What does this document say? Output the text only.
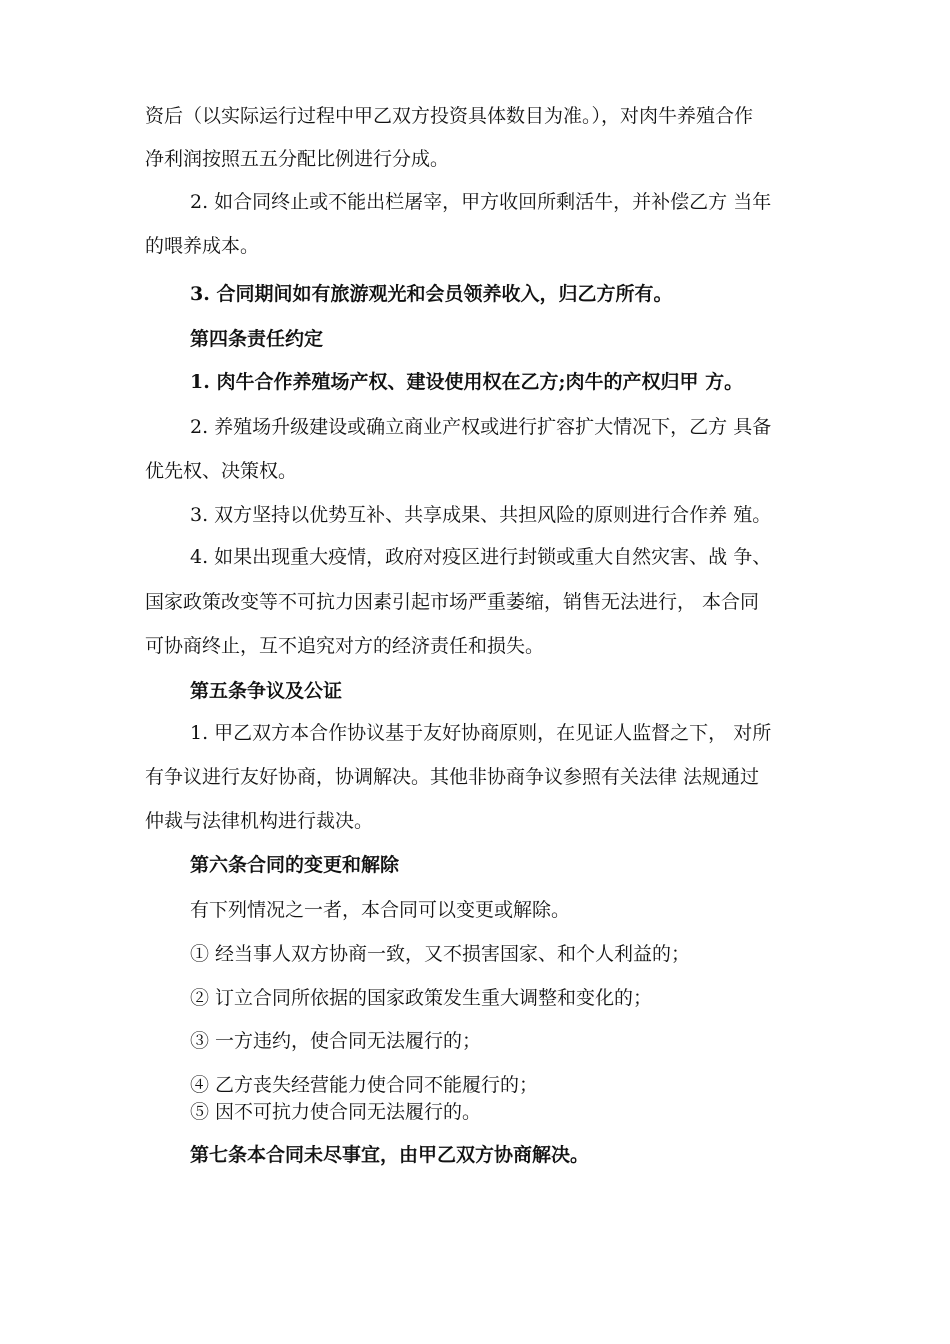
资后（以实际运行过程中甲乙双方投资具体数目为准。），对肉牛养殖合作
净利润按照五五分配比例进行分成。
2. 如合同终止或不能出栏屠宰，甲方收回所剩活牛，并补偿乙方 当年
的喂养成本。
3. 合同期间如有旅游观光和会员领养收入，归乙方所有。
第四条责任约定
1. 肉牛合作养殖场产权、建设使用权在乙方;肉牛的产权归甲 方。
2. 养殖场升级建设或确立商业产权或进行扩容扩大情况下，乙方 具备
优先权、决策权。
3. 双方坚持以优势互补、共享成果、共担风险的原则进行合作养 殖。
4. 如果出现重大疫情，政府对疫区进行封锁或重大自然灾害、战 争、
国家政策改变等不可抗力因素引起市场严重萎缩，销售无法进行， 本合同
可协商终止，互不追究对方的经济责任和损失。
第五条争议及公证
1. 甲乙双方本合作协议基于友好协商原则，在见证人监督之下， 对所
有争议进行友好协商，协调解决。其他非协商争议参照有关法律 法规通过
仲裁与法律机构进行裁决。
第六条合同的变更和解除
有下列情况之一者，本合同可以变更或解除。
① 经当事人双方协商一致，又不损害国家、和个人利益的；
② 订立合同所依据的国家政策发生重大调整和变化的；
③ 一方违约，使合同无法履行的；
④ 乙方丧失经营能力使合同不能履行的；
⑤ 因不可抗力使合同无法履行的。
第七条本合同未尽事宜，由甲乙双方协商解决。
